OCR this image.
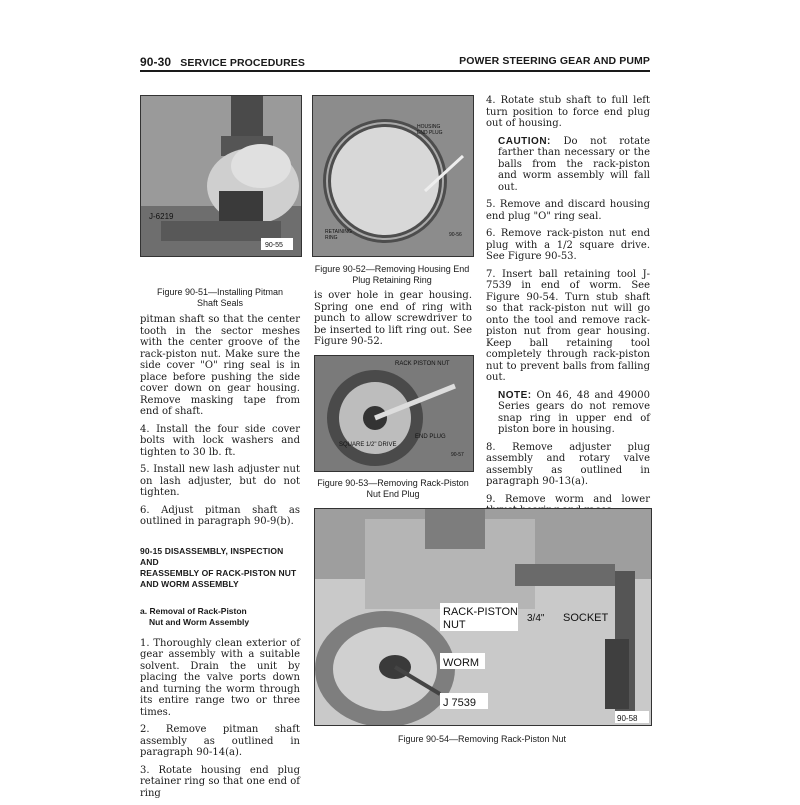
90-30 SERVICE PROCEDURES	POWER STEERING GEAR AND PUMP
J-6219
90-55
Figure 90-51—Installing Pitman
Shaft Seals
HOUSING
END PLUG
RETAINING
RING	90-56
Figure 90-52—Removing Housing End
Plug Retaining Ring

is over hole in gear housing. Spring one end of ring with punch to allow screwdriver to be inserted to lift ring out. See Figure 90-52.

RACK PISTON NUT
END PLUG
SQUARE 1/2" DRIVE
90-57
Figure 90-53—Removing Rack-Piston
Nut End Plug

pitman shaft so that the center tooth in the sector meshes with the center groove of the rack-piston nut. Make sure the side cover "O" ring seal is in place before pushing the side cover down on gear housing. Remove masking tape from end of shaft.

4. Install the four side cover bolts with lock washers and tighten to 30 lb. ft.

5. Install new lash adjuster nut on lash adjuster, but do not tighten.

6. Adjust pitman shaft as outlined in paragraph 90-9(b).

90-15 DISASSEMBLY, INSPECTION AND
REASSEMBLY OF RACK-PISTON NUT
AND WORM ASSEMBLY
a. Removal of Rack-Piston
Nut and Worm Assembly

1. Thoroughly clean exterior of gear assembly with a suitable solvent. Drain the unit by placing the valve ports down and turning the worm through its entire range two or three times.

2. Remove pitman shaft assembly as outlined in paragraph 90-14(a).

3. Rotate housing end plug retainer ring so that one end of ring

4. Rotate stub shaft to full left turn position to force end plug out of housing.

CAUTION: Do not rotate farther than necessary or the balls from the rack-piston and worm assembly will fall out.

5. Remove and discard housing end plug "O" ring seal.

6. Remove rack-piston nut end plug with a 1/2 square drive. See Figure 90-53.

7. Insert ball retaining tool J-7539 in end of worm. See Figure 90-54. Turn stub shaft so that rack-piston nut will go onto the tool and remove rack-piston nut from gear housing. Keep ball retaining tool completely through rack-piston nut to prevent balls from falling out.

NOTE: On 46, 48 and 49000 Series gears do not remove snap ring in upper end of piston bore in housing.

8. Remove adjuster plug assembly and rotary valve assembly as outlined in paragraph 90-13(a).

9. Remove worm and lower

RACK-PISTON
NUT
3/4" SOCKET
WORM
J 7539
90-58
Figure 90-54—Removing Rack-Piston Nut
